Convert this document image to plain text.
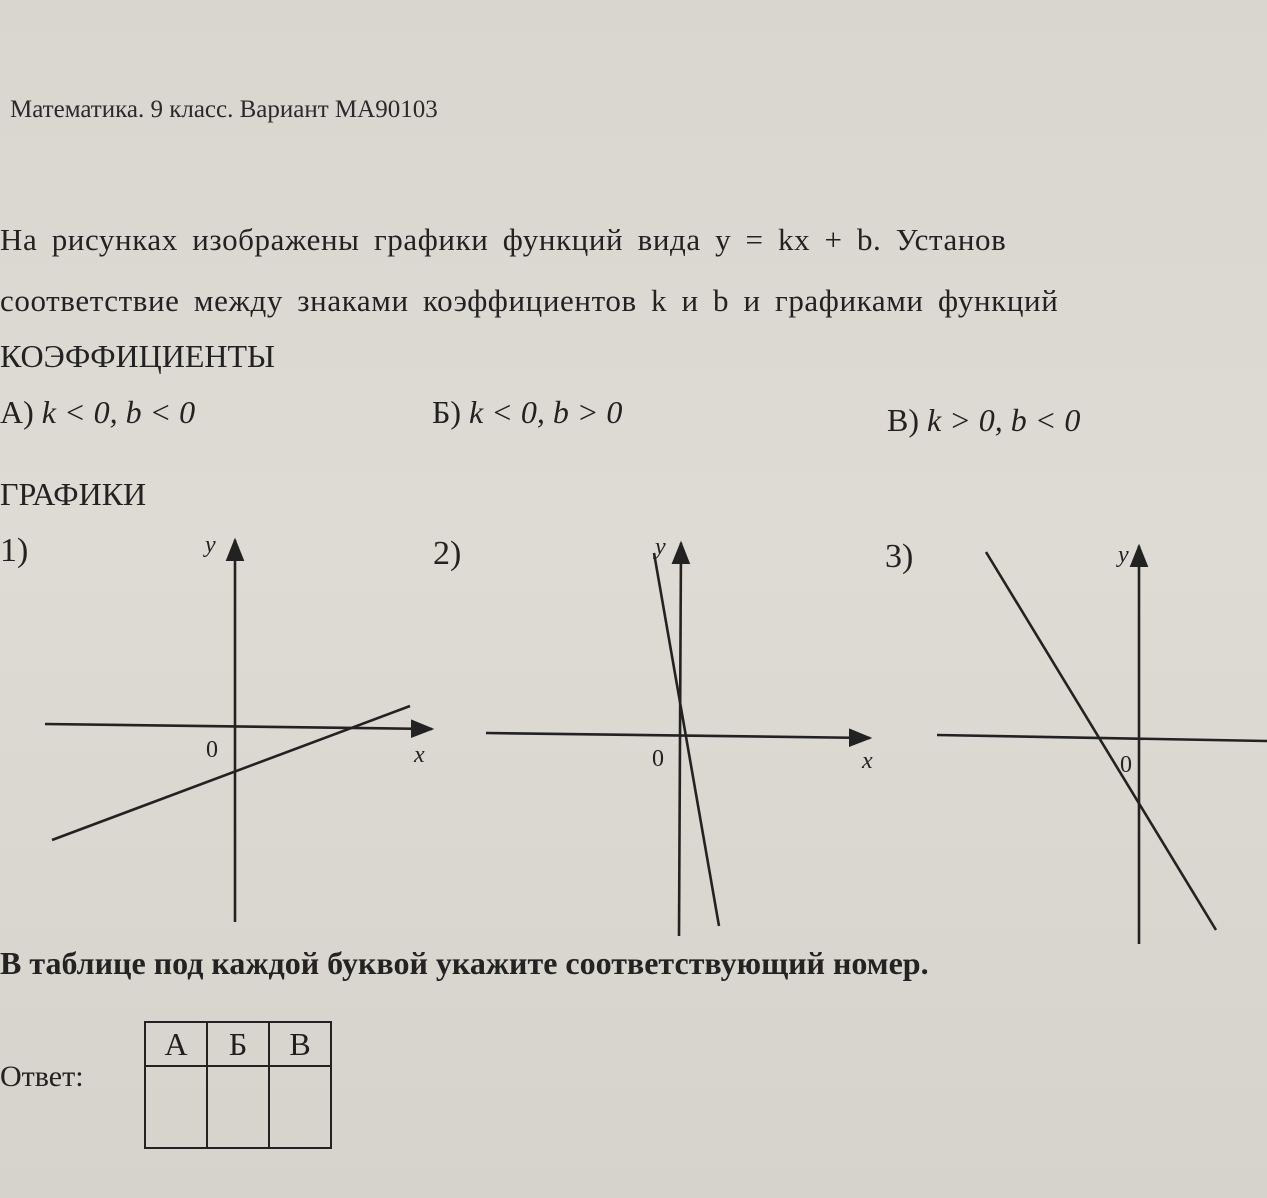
Математика. 9 класс. Вариант МА90103
На рисунках изображены графики функций вида y = kx + b. Установ
соответствие между знаками коэффициентов k и b и графиками функций
КОЭФФИЦИЕНТЫ
А) k < 0, b < 0	Б) k < 0, b > 0	В) k > 0, b < 0
ГРАФИКИ
1)	2)	3)
y
0	x
y
0	x
y
0
В таблице под каждой буквой укажите соответствующий номер.
Ответ:
А	Б	В
